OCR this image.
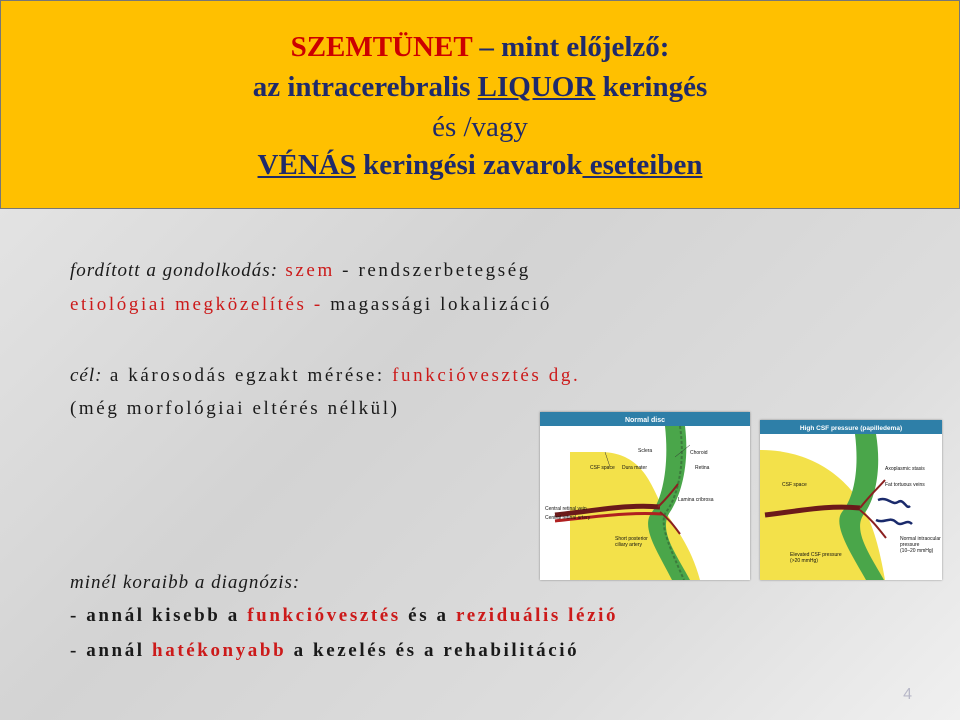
SZEMTÜNET – mint előjelző:
az intracerebralis LIQUOR keringés
és /vagy
VÉNÁS keringési zavarok eseteiben
fordított a gondolkodás: szem - rendszerbetegség
etiológiai megközelítés - magassági lokalizáció
cél: a károsodás egzakt mérése: funkcióvesztés dg.
(még morfológiai eltérés nélkül)
minél koraibb a diagnózis:
- annál kisebb a funkcióvesztés és a reziduális lézió
- annál hatékonyabb a kezelés és a rehabilitáció
Normal disc
Sclera	Choroid
CSF space Dura mater	Retina
Lamina cribrosa
Central retinal vein
Central retinal artery
Short posterior
ciliary artery
High CSF pressure (papilledema)
Axoplasmic stasis
Fat tortuous veins
CSF space
Normal intraocular
pressure
(10–20 mmHg)
Elevated CSF pressure
(>20 mmHg)
4
